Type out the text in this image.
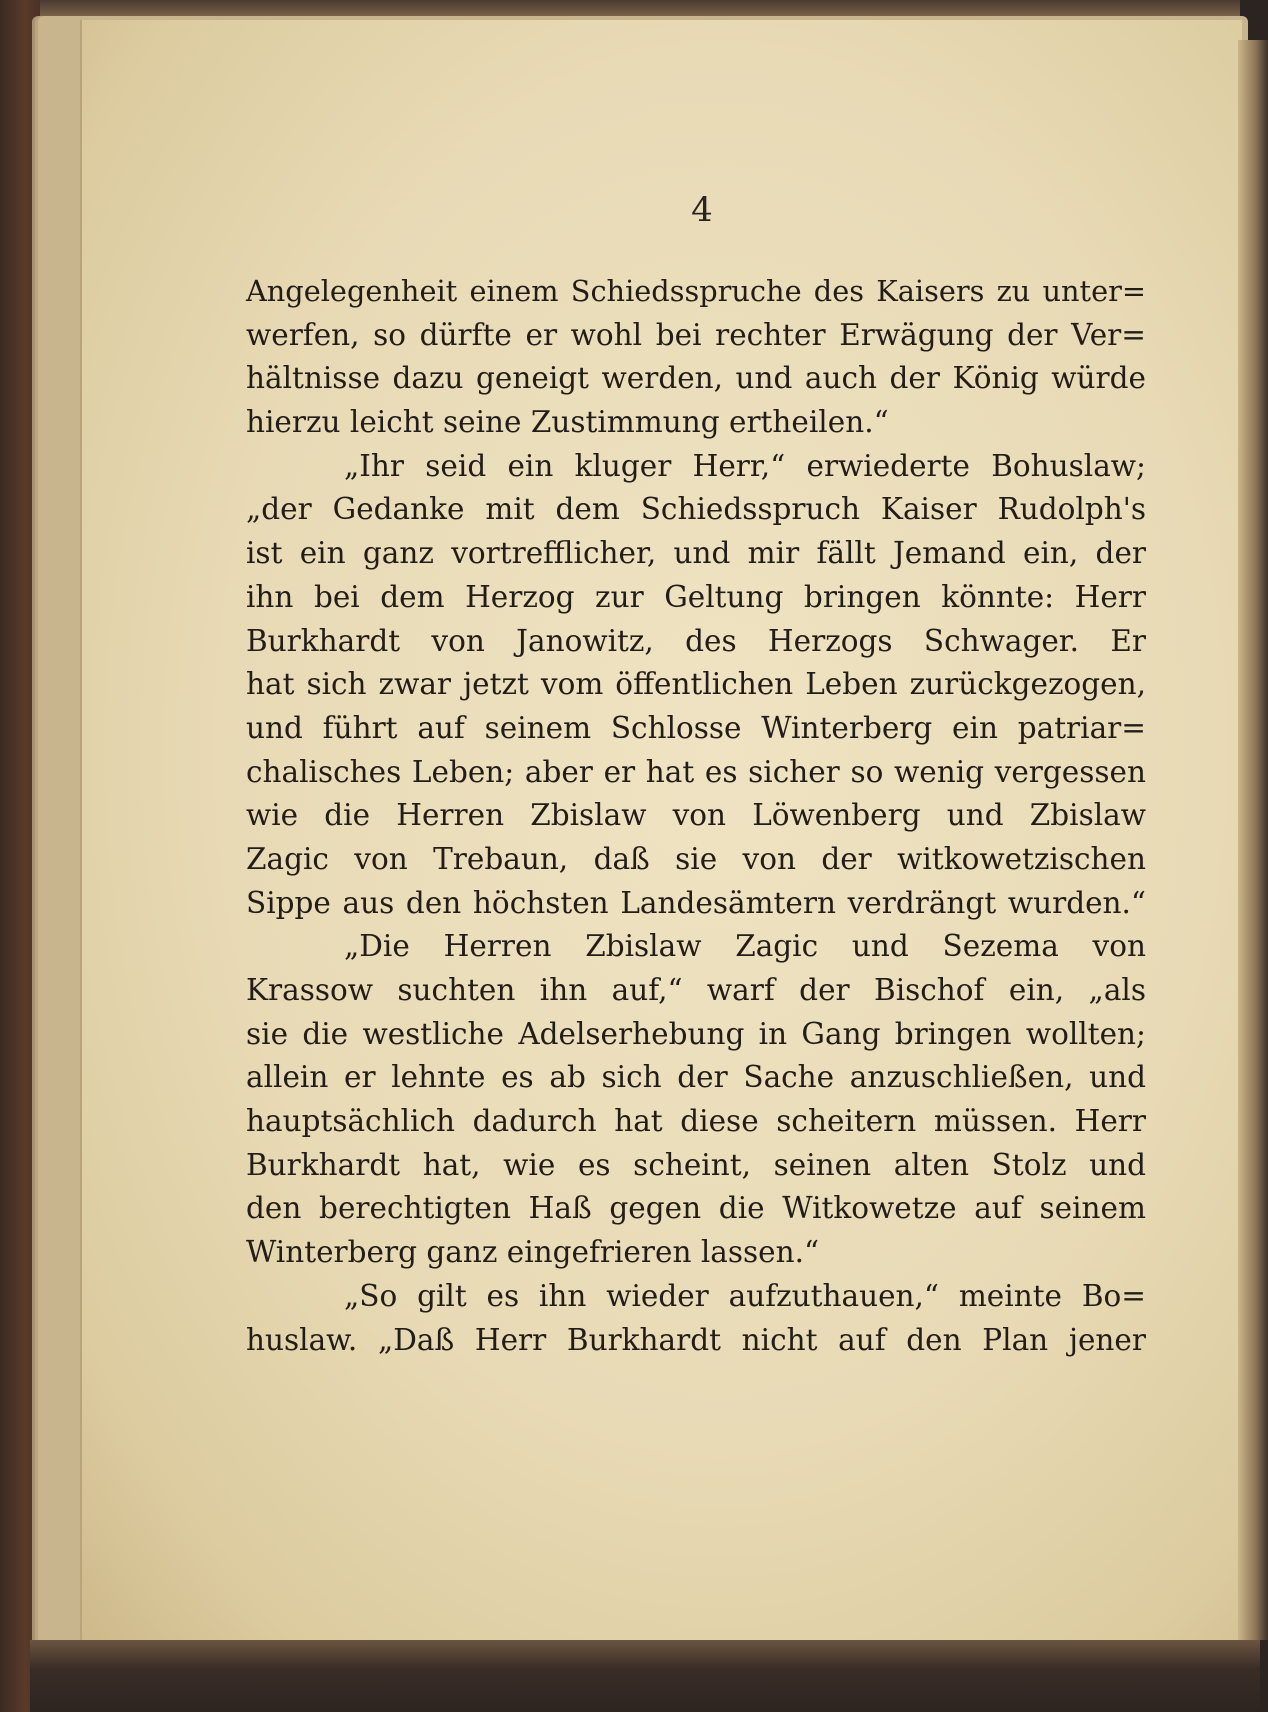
4
Angelegenheit einem Schiedsspruche des Kaisers zu unter=
werfen, so dürfte er wohl bei rechter Erwägung der Ver=
hältnisse dazu geneigt werden, und auch der König würde
hierzu leicht seine Zustimmung ertheilen.“
„Ihr seid ein kluger Herr,“ erwiederte Bohuslaw;
„der Gedanke mit dem Schiedsspruch Kaiser Rudolph's
ist ein ganz vortrefflicher, und mir fällt Jemand ein, der
ihn bei dem Herzog zur Geltung bringen könnte: Herr
Burkhardt von Janowitz, des Herzogs Schwager. Er
hat sich zwar jetzt vom öffentlichen Leben zurückgezogen,
und führt auf seinem Schlosse Winterberg ein patriar=
chalisches Leben; aber er hat es sicher so wenig vergessen
wie die Herren Zbislaw von Löwenberg und Zbislaw
Zagic von Trebaun, daß sie von der witkowetzischen
Sippe aus den höchsten Landesämtern verdrängt wurden.“
„Die Herren Zbislaw Zagic und Sezema von
Krassow suchten ihn auf,“ warf der Bischof ein, „als
sie die westliche Adelserhebung in Gang bringen wollten;
allein er lehnte es ab sich der Sache anzuschließen, und
hauptsächlich dadurch hat diese scheitern müssen. Herr
Burkhardt hat, wie es scheint, seinen alten Stolz und
den berechtigten Haß gegen die Witkowetze auf seinem
Winterberg ganz eingefrieren lassen.“
„So gilt es ihn wieder aufzuthauen,“ meinte Bo=
huslaw. „Daß Herr Burkhardt nicht auf den Plan jener
